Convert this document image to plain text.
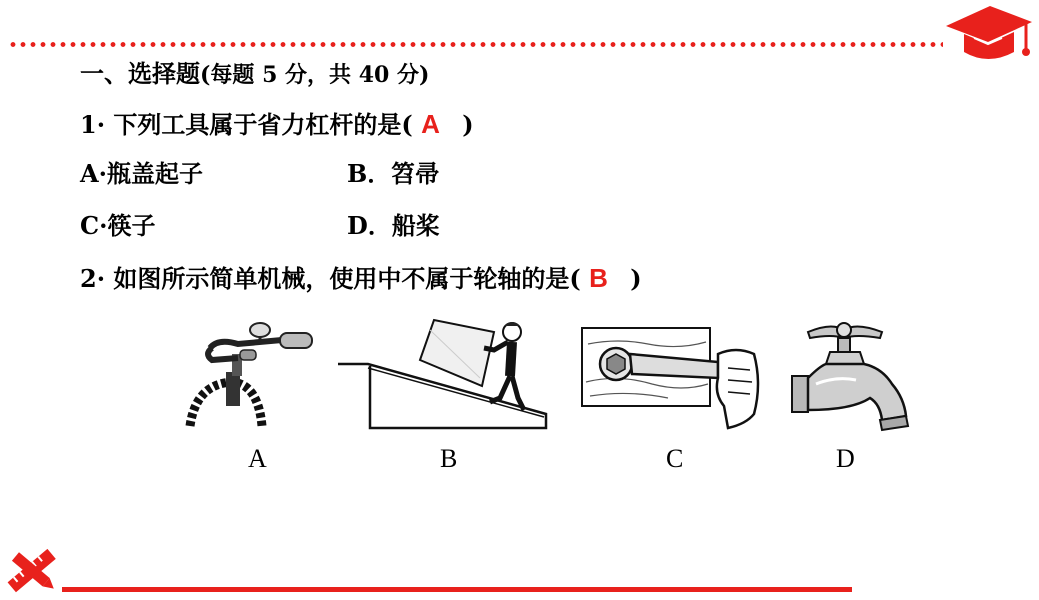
一、选择题(每题 5 分，共 40 分)
1· 下列工具属于省力杠杆的是( A )
A·瓶盖起子	B．笤帚
C·筷子	D．船桨
2· 如图所示简单机械，使用中不属于轮轴的是( B )
A	B	C	D
